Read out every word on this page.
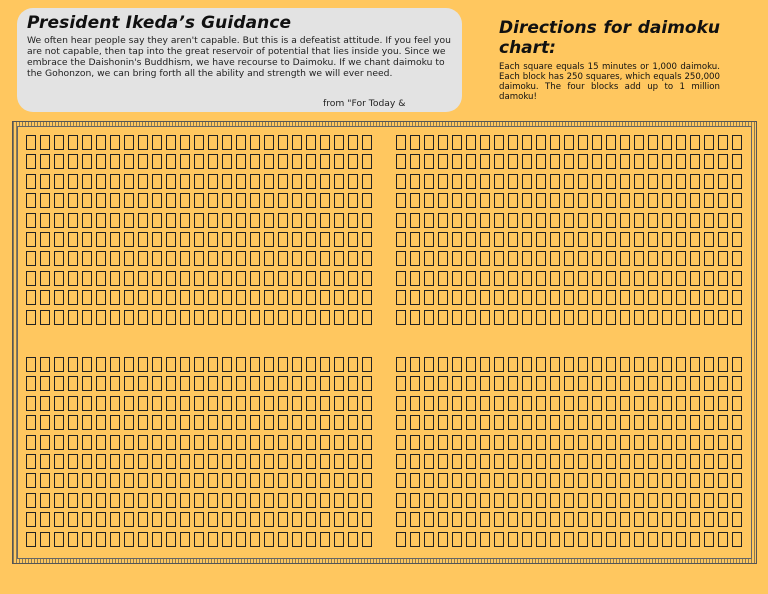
President Ikeda’s Guidance

We often hear people say they aren't capable. But this is a defeatist attitude. If you feel you are not capable, then tap into the great reservoir of potential that lies inside you. Since we embrace the Daishonin's Buddhism, we have recourse to Daimoku. If we chant daimoku to the Gohonzon, we can bring forth all the ability and strength we will ever need.

from "For Today &
Directions for daimoku chart:

Each square equals 15 minutes or 1,000 daimoku. Each block has 250 squares, which equals 250,000 daimoku. The four blocks add up to 1 million damoku!
